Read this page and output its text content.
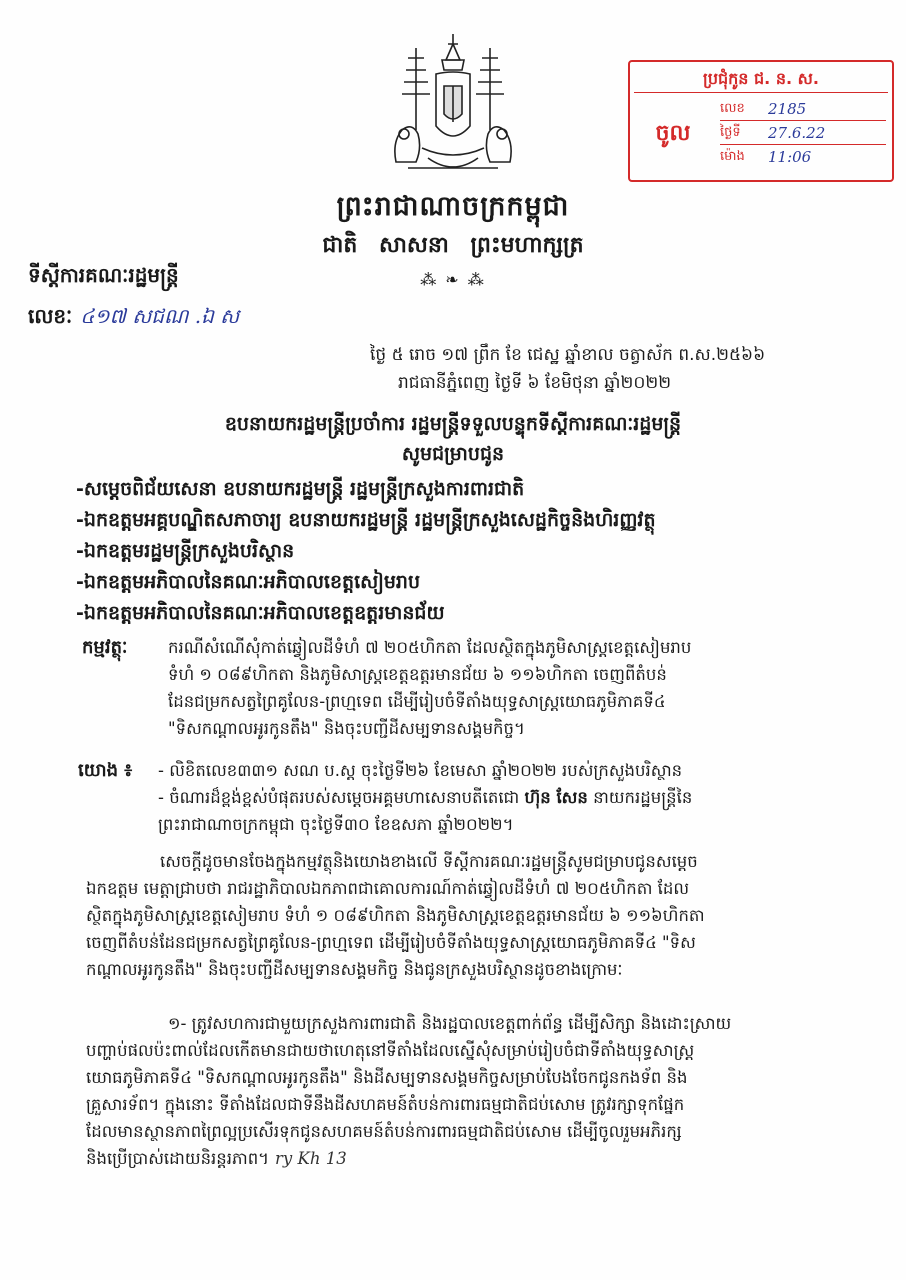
ប្រជុំកូន ជ. ន. ស.
ចូល
លេខ	2185
ថ្ងៃទី	27.6.22
ម៉ោង	11:06
ព្រះរាជាណាចក្រកម្ពុជា
ជាតិ សាសនា ព្រះមហាក្សត្រ
⁂ ❧ ⁂
ទីស្តីការគណៈរដ្ឋមន្ត្រី
លេខៈ ៤១៧ សជណ .ឯ ស
ថ្ងៃ ៥ រោច ១៧ ព្រឹក ខែ ជេស្ឋ ឆ្នាំខាល ចត្វាស័ក ព.ស.២៥៦៦
រាជធានីភ្នំពេញ ថ្ងៃទី ៦ ខែមិថុនា ឆ្នាំ២០២២
ឧបនាយករដ្ឋមន្ត្រីប្រចាំការ រដ្ឋមន្ត្រីទទួលបន្ទុកទីស្តីការគណៈរដ្ឋមន្ត្រី
សូមជម្រាបជូន
-សម្តេចពិជ័យសេនា ឧបនាយករដ្ឋមន្ត្រី រដ្ឋមន្ត្រីក្រសួងការពារជាតិ
-ឯកឧត្តមអគ្គបណ្ឌិតសភាចារ្យ ឧបនាយករដ្ឋមន្ត្រី រដ្ឋមន្ត្រីក្រសួងសេដ្ឋកិច្ចនិងហិរញ្ញវត្ថុ
-ឯកឧត្តមរដ្ឋមន្ត្រីក្រសួងបរិស្ថាន
-ឯកឧត្តមអភិបាលនៃគណៈអភិបាលខេត្តសៀមរាប
-ឯកឧត្តមអភិបាលនៃគណៈអភិបាលខេត្តឧត្តរមានជ័យ
កម្មវត្ថុៈ ករណីសំណើសុំកាត់ឆ្វៀលដីទំហំ ៧ ២០៥ហិកតា ដែលស្ថិតក្នុងភូមិសាស្ត្រខេត្តសៀមរាប
ទំហំ ១ ០៨៩ហិកតា និងភូមិសាស្ត្រខេត្តឧត្តរមានជ័យ ៦ ១១៦ហិកតា ចេញពីតំបន់
ដែនជម្រកសត្វព្រៃគូលែន-ព្រហ្មទេព ដើម្បីរៀបចំទីតាំងយុទ្ធសាស្ត្រយោធភូមិភាគទី៤
"ទិសកណ្តាលអូរកូនតឹង" និងចុះបញ្ជីដីសម្បទានសង្គមកិច្ច។
យោង ៖ - លិខិតលេខ៣៣១ សណ ប.ស្ត ចុះថ្ងៃទី២៦ ខែមេសា ឆ្នាំ២០២២ របស់ក្រសួងបរិស្ថាន
- ចំណារដ៏ខ្ពង់ខ្ពស់បំផុតរបស់សម្តេចអគ្គមហាសេនាបតីតេជោ ហ៊ុន សែន នាយករដ្ឋមន្ត្រីនៃ
ព្រះរាជាណាចក្រកម្ពុជា ចុះថ្ងៃទី៣០ ខែឧសភា ឆ្នាំ២០២២។
សេចក្តីដូចមានចែងក្នុងកម្មវត្ថុនិងយោងខាងលើ ទីស្តីការគណៈរដ្ឋមន្ត្រីសូមជម្រាបជូនសម្តេច
ឯកឧត្តម មេត្តាជ្រាបថា រាជរដ្ឋាភិបាលឯកភាពជាគោលការណ៍កាត់ឆ្វៀលដីទំហំ ៧ ២០៥ហិកតា ដែល
ស្ថិតក្នុងភូមិសាស្ត្រខេត្តសៀមរាប ទំហំ ១ ០៨៩ហិកតា និងភូមិសាស្ត្រខេត្តឧត្តរមានជ័យ ៦ ១១៦ហិកតា
ចេញពីតំបន់ដែនជម្រកសត្វព្រៃគូលែន-ព្រហ្មទេព ដើម្បីរៀបចំទីតាំងយុទ្ធសាស្ត្រយោធភូមិភាគទី៤ "ទិស
កណ្តាលអូរកូនតឹង" និងចុះបញ្ជីដីសម្បទានសង្គមកិច្ច និងជូនក្រសួងបរិស្ថានដូចខាងក្រោមៈ
១- ត្រូវសហការជាមួយក្រសួងការពារជាតិ និងរដ្ឋបាលខេត្តពាក់ព័ន្ធ ដើម្បីសិក្សា និងដោះស្រាយ
បញ្ហាប់ផលប៉ះពាល់ដែលកើតមានជាយថាហេតុនៅទីតាំងដែលស្នើសុំសម្រាប់រៀបចំជាទីតាំងយុទ្ធសាស្ត្រ
យោធភូមិភាគទី៤ "ទិសកណ្តាលអូរកូនតឹង" និងដីសម្បទានសង្គមកិច្ចសម្រាប់បែងចែកជូនកងទ័ព និង
គ្រួសារទ័ព។ ក្នុងនោះ ទីតាំងដែលជាទីនឹងដីសហគមន៍តំបន់ការពារធម្មជាតិជប់សោម ត្រូវរក្សាទុកផ្នែក
ដែលមានស្ថានភាពព្រៃល្អប្រសើរទុកជូនសហគមន៍តំបន់ការពារធម្មជាតិជប់សោម ដើម្បីចូលរួមអភិរក្ស
និងប្រើប្រាស់ដោយនិរន្តរភាព។ ry Kh 13
